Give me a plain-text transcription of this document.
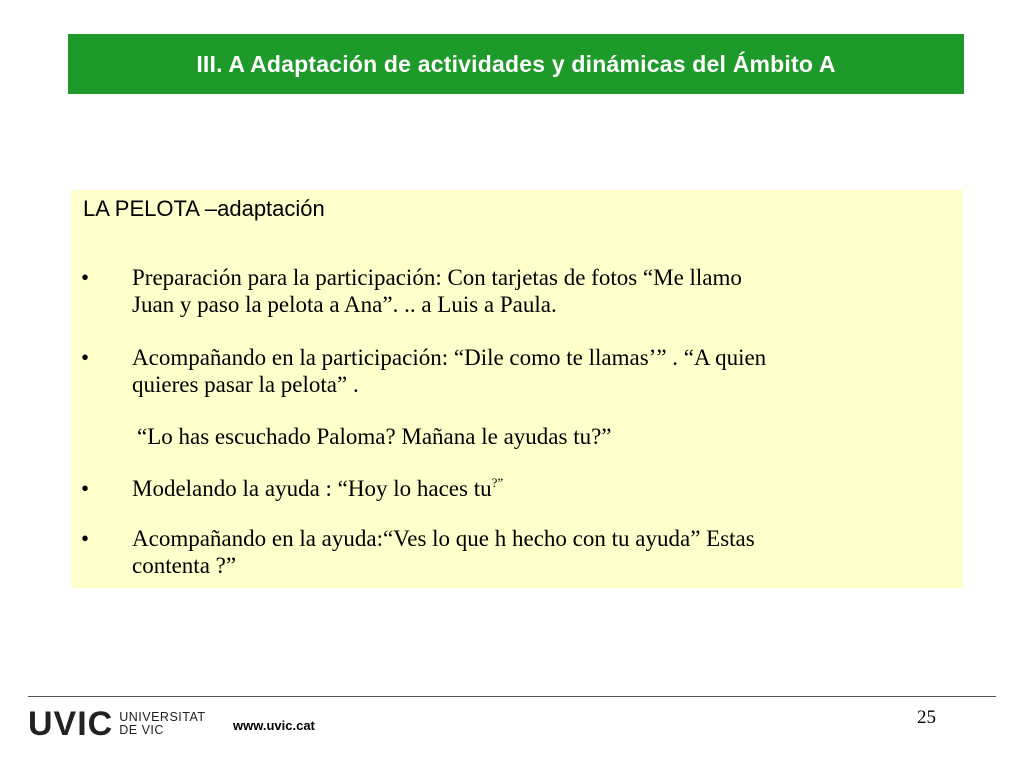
III. A Adaptación de actividades y dinámicas del Ámbito A
LA PELOTA –adaptación
•	Preparación para la participación: Con tarjetas de fotos “Me llamo
Juan y paso la pelota a Ana”. .. a Luis a Paula.
•	Acompañando en la participación: “Dile como te llamas’” . “A quien
quieres pasar la pelota” .
“Lo has escuchado Paloma? Mañana le ayudas tu?”
•	Modelando la ayuda : “Hoy lo haces tu?”
•	Acompañando en la ayuda:“Ves lo que h hecho con tu ayuda” Estas
contenta ?”
UVIC UNIVERSITAT
DE VIC	www.uvic.cat	25
